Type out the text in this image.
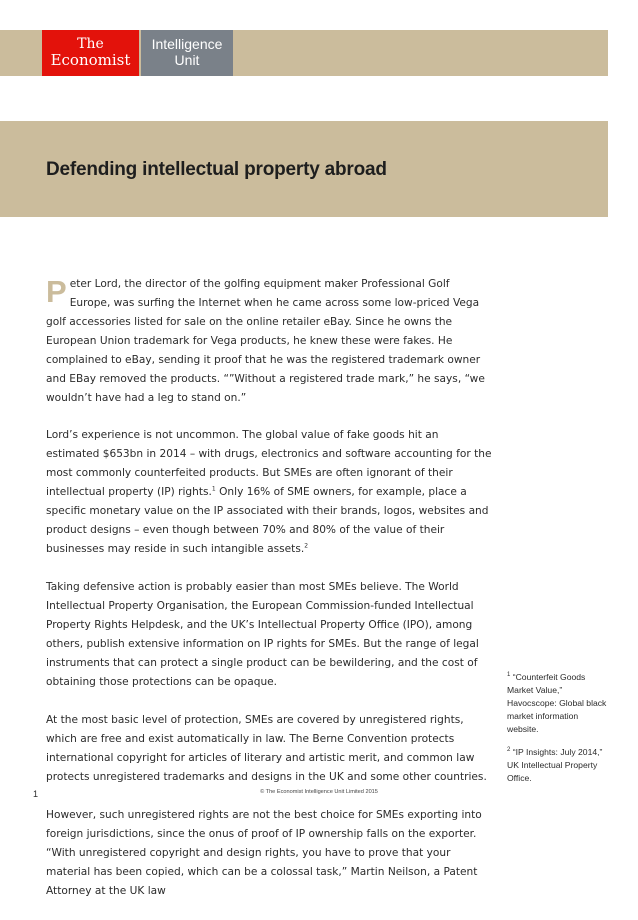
The
Economist
Intelligence
Unit
Defending intellectual property abroad

Peter Lord, the director of the golfing equipment maker Professional Golf Europe, was surfing the Internet when he came across some low-priced Vega golf accessories listed for sale on the online retailer eBay. Since he owns the European Union trademark for Vega products, he knew these were fakes. He complained to eBay, sending it proof that he was the registered trademark owner and EBay removed the products. “”Without a registered trade mark,” he says, “we wouldn’t have had a leg to stand on.”

Lord’s experience is not uncommon. The global value of fake goods hit an estimated $653bn in 2014 – with drugs, electronics and software accounting for the most commonly counterfeited products. But SMEs are often ignorant of their intellectual property (IP) rights.$^1$ Only 16% of SME owners, for example, place a specific monetary value on the IP associated with their brands, logos, websites and product designs – even though between 70% and 80% of the value of their businesses may reside in such intangible assets.$^2$

Taking defensive action is probably easier than most SMEs believe. The World Intellectual Property Organisation, the European Commission-funded Intellectual Property Rights Helpdesk, and the UK’s Intellectual Property Office (IPO), among others, publish extensive information on IP rights for SMEs. But the range of legal instruments that can protect a single product can be bewildering, and the cost of obtaining those protections can be opaque.

At the most basic level of protection, SMEs are covered by unregistered rights, which are free and exist automatically in law. The Berne Convention protects international copyright for articles of literary and artistic merit, and common law protects unregistered trademarks and designs in the UK and some other countries.

However, such unregistered rights are not the best choice for SMEs exporting into foreign jurisdictions, since the onus of proof of IP ownership falls on the exporter. “With unregistered copyright and design rights, you have to prove that your material has been copied, which can be a colossal task,” Martin Neilson, a Patent Attorney at the UK law

$^1$ “Counterfeit Goods Market Value,” Havocscope: Global black market information website.

$^2$ “IP Insights: July 2014,” UK Intellectual Property Office.

1	© The Economist Intelligence Unit Limited 2015
